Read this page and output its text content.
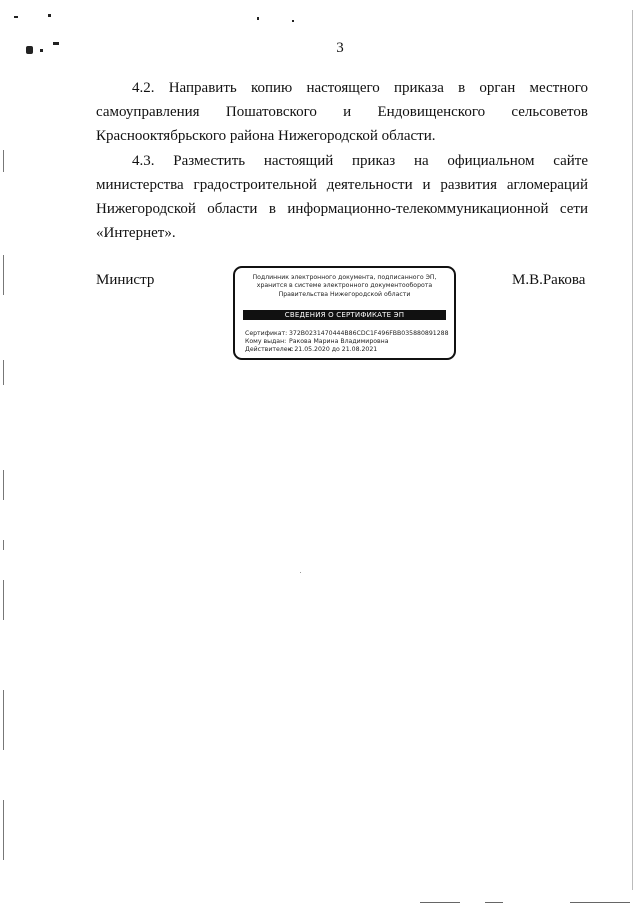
3
4.2. Направить копию настоящего приказа в орган местного самоуправления Пошатовского и Ендовищенского сельсоветов Краснооктябрьского района Нижегородской области.
4.3. Разместить настоящий приказ на официальном сайте министерства градостроительной деятельности и развития агломераций Нижегородской области в информационно-телекоммуникационной сети «Интернет».
Министр	М.В.Ракова
Подлинник электронного документа, подписанного ЭП, хранится в системе электронного документооборота Правительства Нижегородской области
СВЕДЕНИЯ О СЕРТИФИКАТЕ ЭП
Сертификат: 372B0231470444B86CDC1F496FBB035880891288
Кому выдан: Ракова Марина Владимировна
Действителен:с 21.05.2020 до 21.08.2021
